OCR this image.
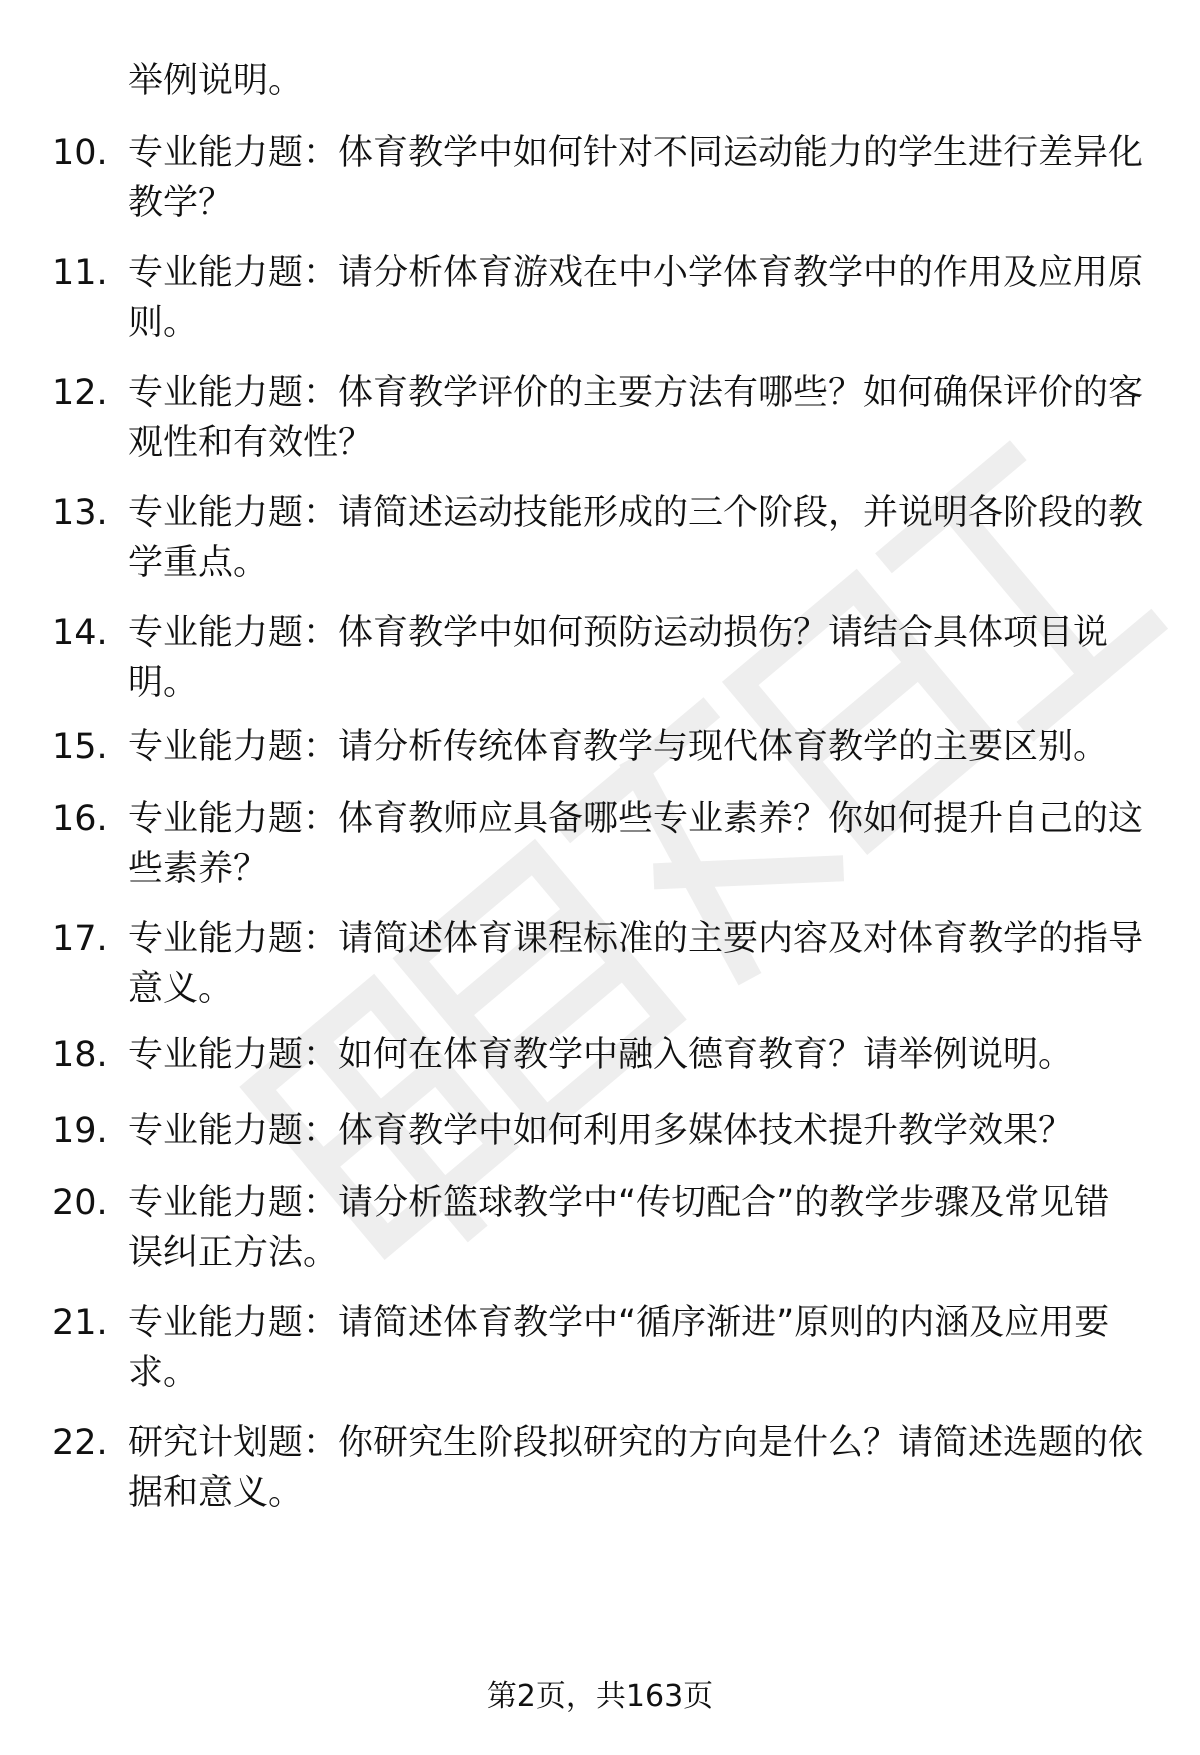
举例说明。
10. 专业能力题：体育教学中如何针对不同运动能力的学生进行差异化教学？
11. 专业能力题：请分析体育游戏在中小学体育教学中的作用及应用原则。
12. 专业能力题：体育教学评价的主要方法有哪些？如何确保评价的客观性和有效性？
13. 专业能力题：请简述运动技能形成的三个阶段，并说明各阶段的教学重点。
14. 专业能力题：体育教学中如何预防运动损伤？请结合具体项目说明。
15. 专业能力题：请分析传统体育教学与现代体育教学的主要区别。
16. 专业能力题：体育教师应具备哪些专业素养？你如何提升自己的这些素养？
17. 专业能力题：请简述体育课程标准的主要内容及对体育教学的指导意义。
18. 专业能力题：如何在体育教学中融入德育教育？请举例说明。
19. 专业能力题：体育教学中如何利用多媒体技术提升教学效果？
20. 专业能力题：请分析篮球教学中“传切配合”的教学步骤及常见错误纠正方法。
21. 专业能力题：请简述体育教学中“循序渐进”原则的内涵及应用要求。
22. 研究计划题：你研究生阶段拟研究的方向是什么？请简述选题的依据和意义。
第2页，共163页
